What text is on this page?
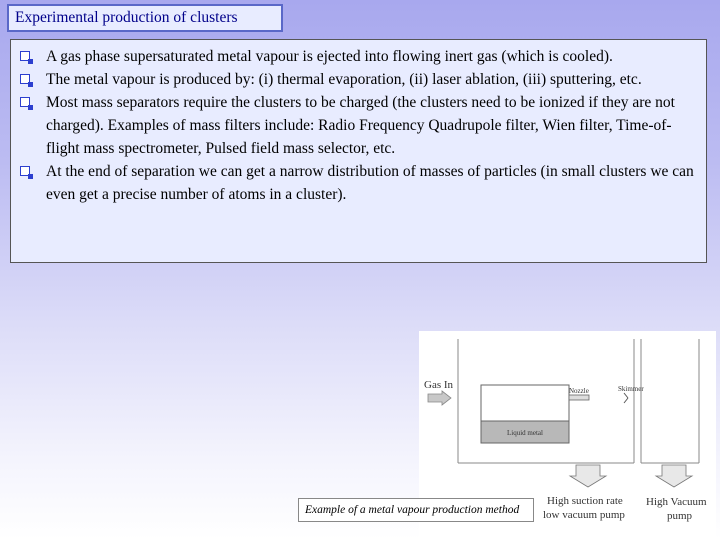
Experimental production of clusters
A gas phase supersaturated metal vapour is ejected into flowing inert gas (which is cooled).
The metal vapour is produced by: (i) thermal evaporation, (ii) laser ablation, (iii) sputtering, etc.
Most mass separators require the clusters to be charged (the clusters need to be ionized if they are not charged). Examples of mass filters include: Radio Frequency Quadrupole filter, Wien filter, Time-of-flight mass spectrometer, Pulsed field mass selector, etc.
At the end of separation we can get a narrow distribution of masses of particles (in small clusters we can even get a precise number of atoms in a cluster).
Liquid metal
Nozzle	Skimmer
Gas In
High suction rate
low vacuum pump
High Vacuum
pump
Example of a metal vapour production method
